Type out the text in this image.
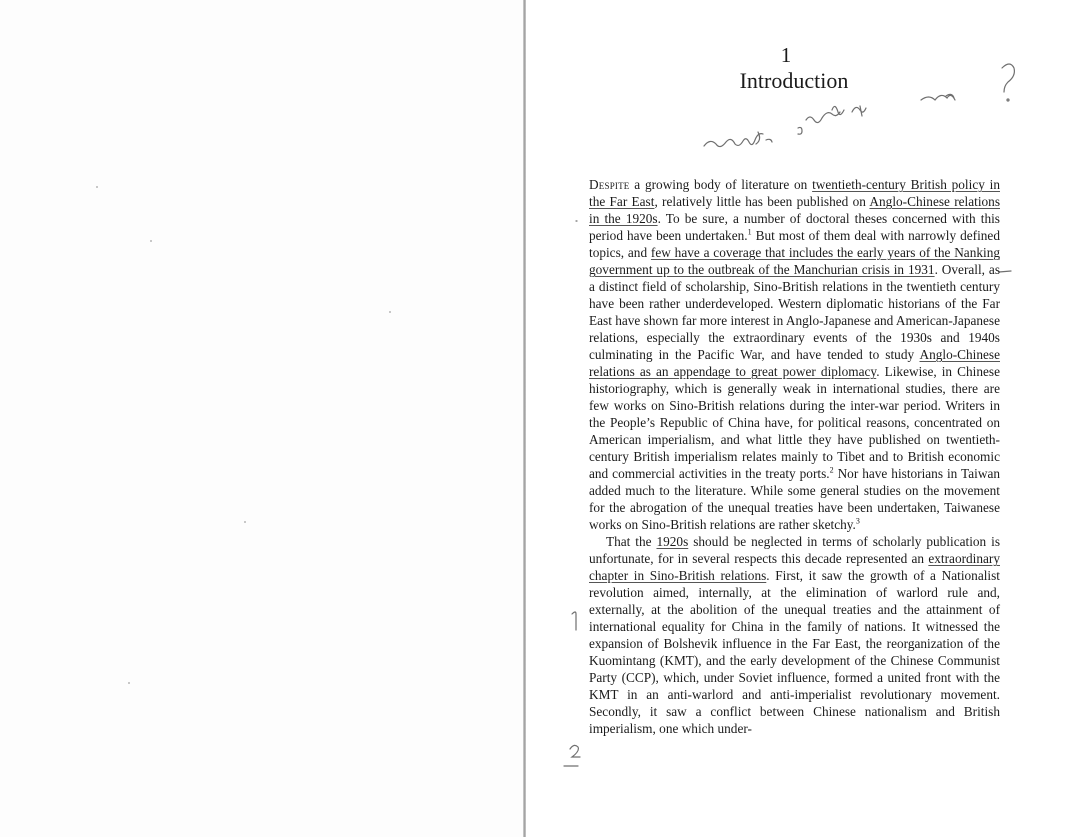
1
Introduction

Despite a growing body of literature on twentieth-century British policy in the Far East, relatively little has been published on Anglo-Chinese relations in the 1920s. To be sure, a number of doctoral theses concerned with this period have been undertaken.$^1$ But most of them deal with narrowly defined topics, and few have a coverage that includes the early years of the Nanking government up to the outbreak of the Manchurian crisis in 1931. Overall, as a distinct field of scholarship, Sino-British relations in the twentieth century have been rather underdeveloped. Western diplomatic historians of the Far East have shown far more interest in Anglo-Japanese and American-Japanese relations, especially the extraordinary events of the 1930s and 1940s culminating in the Pacific War, and have tended to study Anglo-Chinese relations as an appendage to great power diplomacy. Likewise, in Chinese historiography, which is generally weak in international studies, there are few works on Sino-British relations during the inter-war period. Writers in the People’s Republic of China have, for political reasons, concentrated on American imperialism, and what little they have published on twentieth-century British imperialism relates mainly to Tibet and to British economic and commercial activities in the treaty ports.$^2$ Nor have historians in Taiwan added much to the literature. While some general studies on the movement for the abrogation of the unequal treaties have been undertaken, Taiwanese works on Sino-British relations are rather sketchy.$^3$

That the 1920s should be neglected in terms of scholarly publication is unfortunate, for in several respects this decade represented an extraordinary chapter in Sino-British relations. First, it saw the growth of a Nationalist revolution aimed, internally, at the elimination of warlord rule and, externally, at the abolition of the unequal treaties and the attainment of international equality for China in the family of nations. It witnessed the expansion of Bolshevik influence in the Far East, the reorganization of the Kuomintang (KMT), and the early development of the Chinese Communist Party (CCP), which, under Soviet influence, formed a united front with the KMT in an anti-warlord and anti-imperialist revolutionary movement. Secondly, it saw a conflict between Chinese nationalism and British imperialism, one which under-
